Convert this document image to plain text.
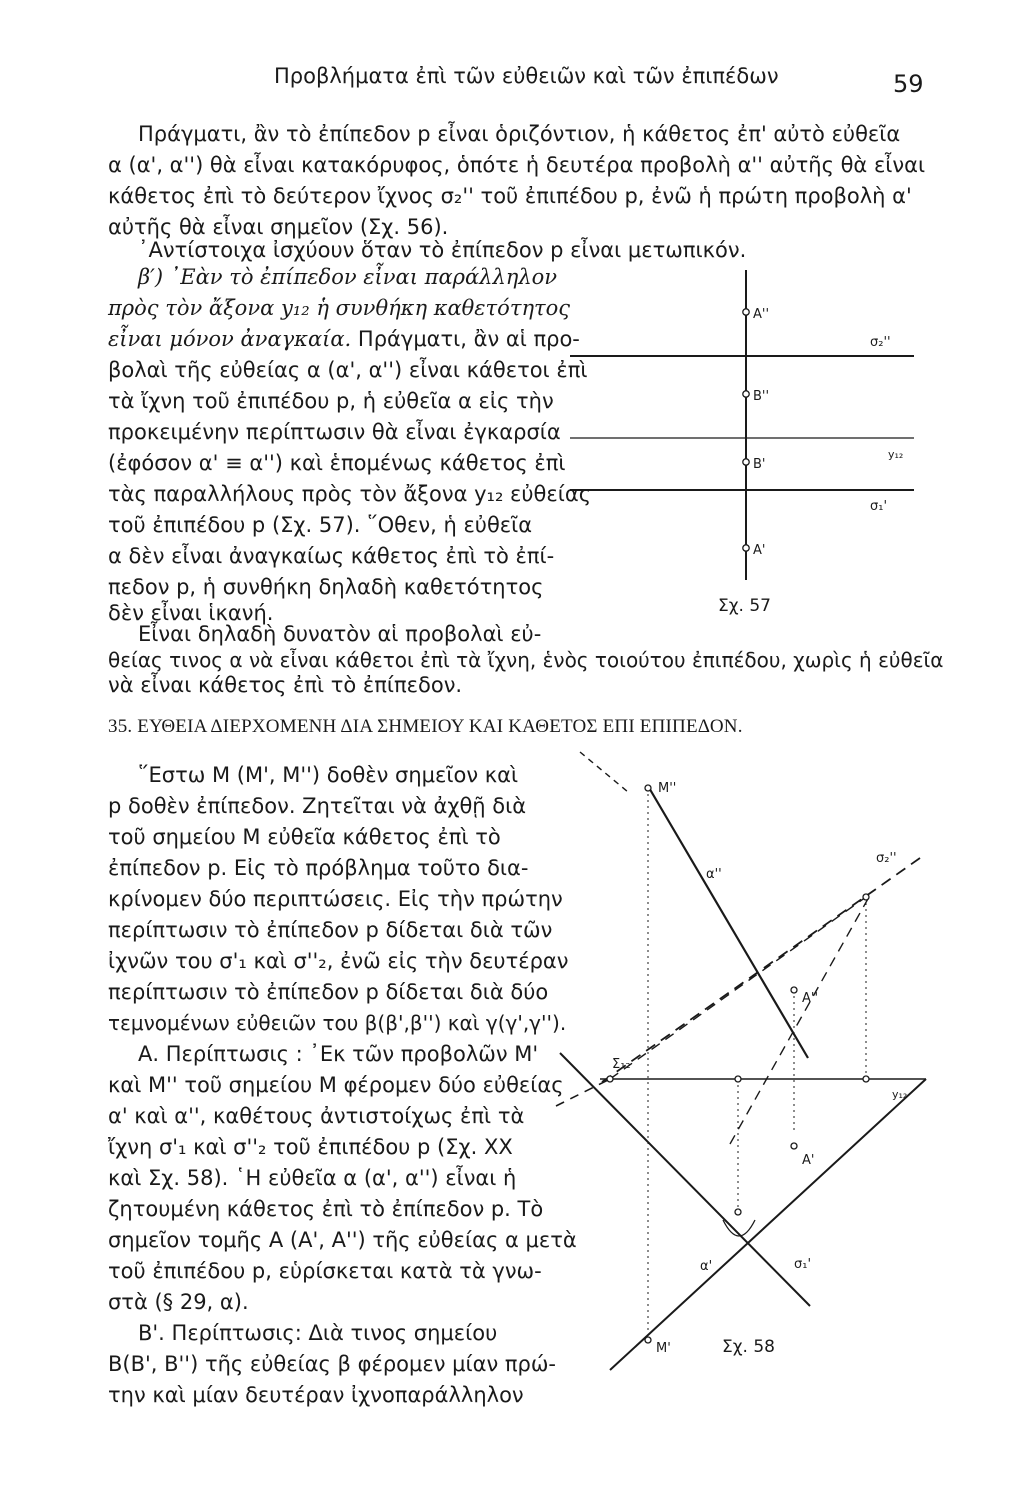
Προβλήματα ἐπὶ τῶν εὐθειῶν καὶ τῶν ἐπιπέδων	59
Πράγματι, ἂν τὸ ἐπίπεδον p εἶναι ὁριζόντιον, ἡ κάθετος ἐπ' αὐτὸ εὐθεῖα
α (α', α'') θὰ εἶναι κατακόρυφος, ὁπότε ἡ δευτέρα προβολὴ α'' αὐτῆς θὰ εἶναι
κάθετος ἐπὶ τὸ δεύτερον ἴχνος σ₂'' τοῦ ἐπιπέδου p, ἐνῶ ἡ πρώτη προβολὴ α'
αὐτῆς θὰ εἶναι σημεῖον (Σχ. 56).
᾿Αντίστοιχα ἰσχύουν ὅταν τὸ ἐπίπεδον p εἶναι μετωπικόν.
β′) ᾿Εὰν τὸ ἐπίπεδον εἶναι παράλληλον
πρὸς τὸν ἄξονα y₁₂ ἡ συνθήκη καθετότητος
εἶναι μόνον ἀναγκαία. Πράγματι, ἂν αἱ προ-
βολαὶ τῆς εὐθείας α (α', α'') εἶναι κάθετοι ἐπὶ
τὰ ἴχνη τοῦ ἐπιπέδου p, ἡ εὐθεῖα α εἰς τὴν
προκειμένην περίπτωσιν θὰ εἶναι ἐγκαρσία
(ἐφόσον α' ≡ α'') καὶ ἑπομένως κάθετος ἐπὶ
τὰς παραλλήλους πρὸς τὸν ἄξονα y₁₂ εὐθείας
τοῦ ἐπιπέδου p (Σχ. 57). ῞Οθεν, ἡ εὐθεῖα
α δὲν εἶναι ἀναγκαίως κάθετος ἐπὶ τὸ ἐπί-
πεδον p, ἡ συνθήκη δηλαδὴ καθετότητος
δὲν εἶναι ἱκανή.
Εἶναι δηλαδὴ δυνατὸν αἱ προβολαὶ εὐ-
θείας τινος α νὰ εἶναι κάθετοι ἐπὶ τὰ ἴχνη, ἑνὸς τοιούτου ἐπιπέδου, χωρὶς ἡ εὐθεῖα
νὰ εἶναι κάθετος ἐπὶ τὸ ἐπίπεδον.
A''
B''
B'
A'
σ₂''
y₁₂
σ₁'
Σχ. 57
35. ΕΥΘΕΙΑ ΔΙΕΡΧΟΜΕΝΗ ΔΙΑ ΣΗΜΕΙΟΥ ΚΑΙ ΚΑΘΕΤΟΣ ΕΠΙ ΕΠΙΠΕΔΟΝ.
῞Εστω M (M', M'') δοθὲν σημεῖον καὶ
p δοθὲν ἐπίπεδον. Ζητεῖται νὰ ἀχθῇ διὰ
τοῦ σημείου M εὐθεῖα κάθετος ἐπὶ τὸ
ἐπίπεδον p. Εἰς τὸ πρόβλημα τοῦτο δια-
κρίνομεν δύο περιπτώσεις. Εἰς τὴν πρώτην
περίπτωσιν τὸ ἐπίπεδον p δίδεται διὰ τῶν
ἰχνῶν του σ'₁ καὶ σ''₂, ἐνῶ εἰς τὴν δευτέραν
περίπτωσιν τὸ ἐπίπεδον p δίδεται διὰ δύο
τεμνομένων εὐθειῶν του β(β',β'') καὶ γ(γ',γ'').
Α. Περίπτωσις : ᾿Εκ τῶν προβολῶν M'
καὶ M'' τοῦ σημείου M φέρομεν δύο εὐθείας
α' καὶ α'', καθέτους ἀντιστοίχως ἐπὶ τὰ
ἴχνη σ'₁ καὶ σ''₂ τοῦ ἐπιπέδου p (Σχ. XX
καὶ Σχ. 58). ῾Η εὐθεῖα α (α', α'') εἶναι ἡ
ζητουμένη κάθετος ἐπὶ τὸ ἐπίπεδον p. Τὸ
σημεῖον τομῆς A (A', A'') τῆς εὐθείας α μετὰ
τοῦ ἐπιπέδου p, εὑρίσκεται κατὰ τὰ γνω-
στὰ (§ 29, α).
Β'. Περίπτωσις: Διὰ τινος σημείου
B(B', B'') τῆς εὐθείας β φέρομεν μίαν πρώ-
την καὶ μίαν δευτέραν ἰχνοπαράλληλον
M''
α''
σ₂''
A''
Σ₁₂
y₁₂
A'
α'	σ₁'
M'	Σχ. 58
